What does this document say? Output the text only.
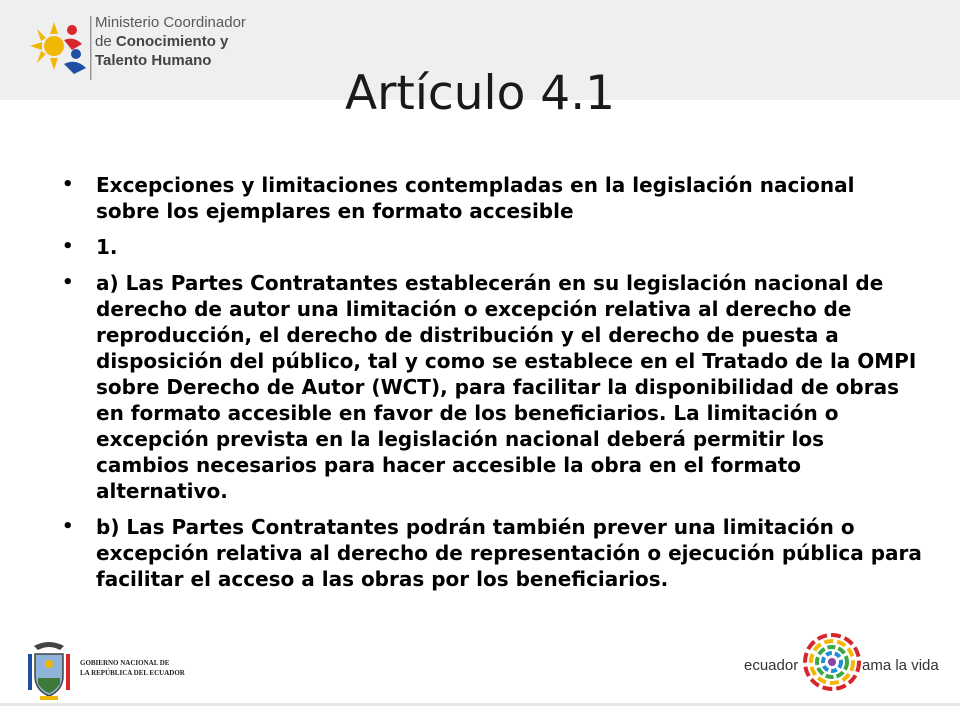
Ministerio Coordinador
de Conocimiento y
Talento Humano
Artículo 4.1
•	Excepciones y limitaciones contempladas en la legislación nacional sobre los ejemplares en formato accesible
•	1.
•	a) Las Partes Contratantes establecerán en su legislación nacional de derecho de autor una limitación o excepción relativa al derecho de reproducción, el derecho de distribución y el derecho de puesta a disposición del público, tal y como se establece en el Tratado de la OMPI sobre Derecho de Autor (WCT), para facilitar la disponibilidad de obras en formato accesible en favor de los beneficiarios. La limitación o excepción prevista en la legislación nacional deberá permitir los cambios necesarios para hacer accesible la obra en el formato alternativo.
•	b) Las Partes Contratantes podrán también prever una limitación o excepción relativa al derecho de representación o ejecución pública para facilitar el acceso a las obras por los beneficiarios.
GOBIERNO NACIONAL DE
LA REPÚBLICA DEL ECUADOR	ecuador	ama la vida
